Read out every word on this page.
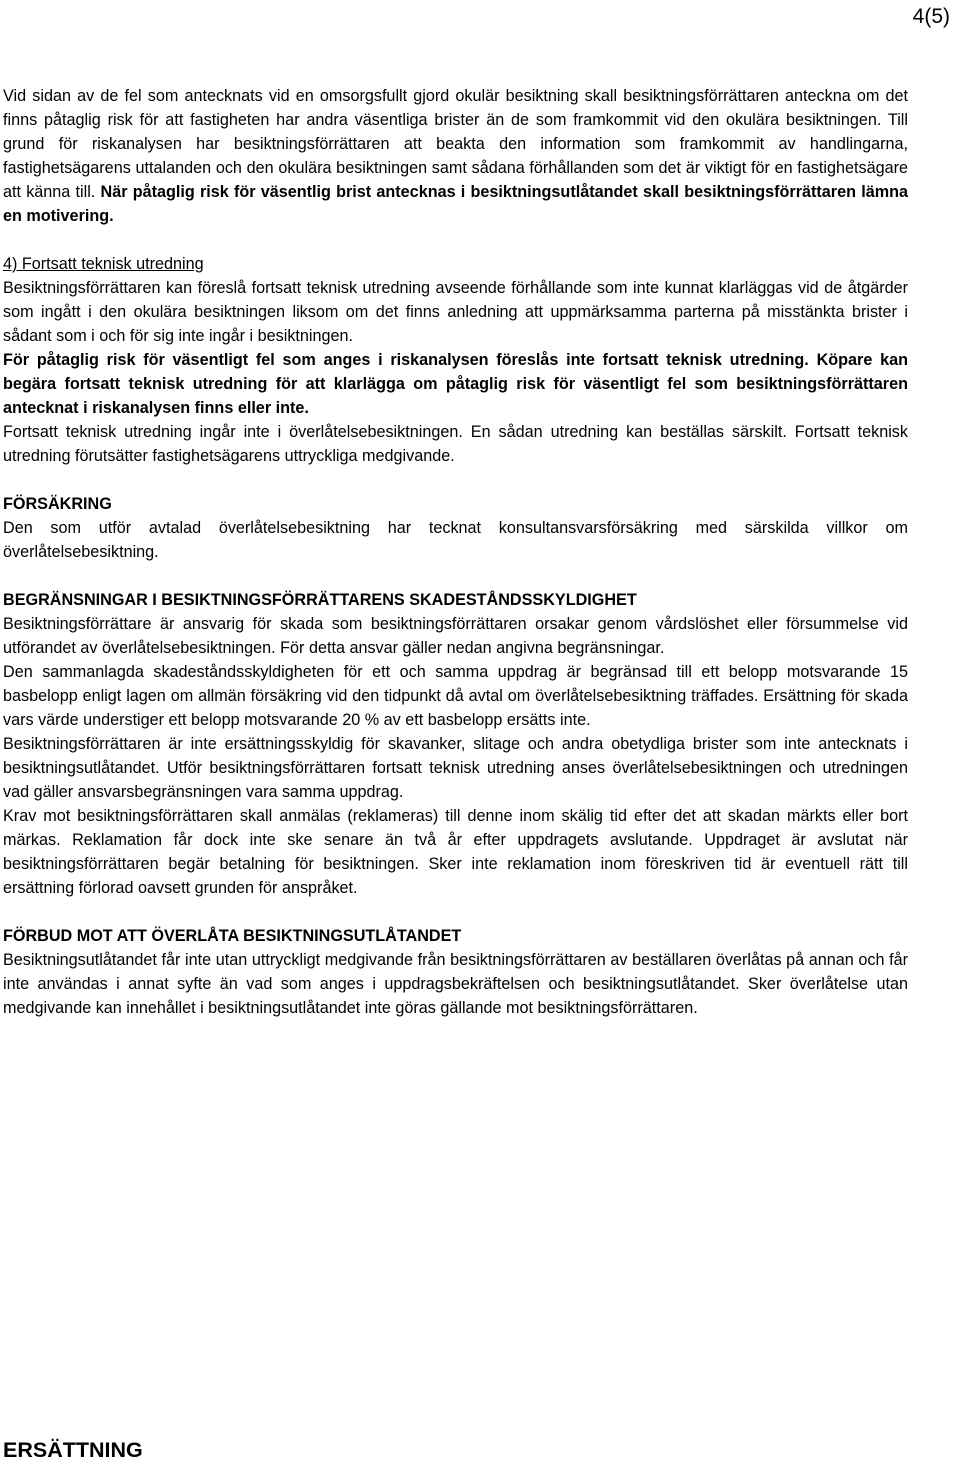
4(5)

Vid sidan av de fel som antecknats vid en omsorgsfullt gjord okulär besiktning skall besiktningsförrättaren anteckna om det finns påtaglig risk för att fastigheten har andra väsentliga brister än de som framkommit vid den okulära besiktningen. Till grund för riskanalysen har besiktningsförrättaren att beakta den information som framkommit av handlingarna, fastighetsägarens uttalanden och den okulära besiktningen samt sådana förhållanden som det är viktigt för en fastighetsägare att känna till. När påtaglig risk för väsentlig brist antecknas i besiktningsutlåtandet skall besiktningsförrättaren lämna en motivering.

4) Fortsatt teknisk utredning

Besiktningsförrättaren kan föreslå fortsatt teknisk utredning avseende förhållande som inte kunnat klarläggas vid de åtgärder som ingått i den okulära besiktningen liksom om det finns anledning att uppmärksamma parterna på misstänkta brister i sådant som i och för sig inte ingår i besiktningen.

För påtaglig risk för väsentligt fel som anges i riskanalysen föreslås inte fortsatt teknisk utredning. Köpare kan begära fortsatt teknisk utredning för att klarlägga om påtaglig risk för väsentligt fel som besiktningsförrättaren antecknat i riskanalysen finns eller inte.

Fortsatt teknisk utredning ingår inte i överlåtelsebesiktningen. En sådan utredning kan beställas särskilt. Fortsatt teknisk utredning förutsätter fastighetsägarens uttryckliga medgivande.

FÖRSÄKRING

Den som utför avtalad överlåtelsebesiktning har tecknat konsultansvarsförsäkring med särskilda villkor om överlåtelsebesiktning.

BEGRÄNSNINGAR I BESIKTNINGSFÖRRÄTTARENS SKADESTÅNDSSKYLDIGHET

Besiktningsförrättare är ansvarig för skada som besiktningsförrättaren orsakar genom vårdslöshet eller försummelse vid utförandet av överlåtelsebesiktningen. För detta ansvar gäller nedan angivna begränsningar.

Den sammanlagda skadeståndsskyldigheten för ett och samma uppdrag är begränsad till ett belopp motsvarande 15 basbelopp enligt lagen om allmän försäkring vid den tidpunkt då avtal om överlåtelsebesiktning träffades. Ersättning för skada vars värde understiger ett belopp motsvarande 20 % av ett basbelopp ersätts inte.

Besiktningsförrättaren är inte ersättningsskyldig för skavanker, slitage och andra obetydliga brister som inte antecknats i besiktningsutlåtandet. Utför besiktningsförrättaren fortsatt teknisk utredning anses överlåtelsebesiktningen och utredningen vad gäller ansvarsbegränsningen vara samma uppdrag.

Krav mot besiktningsförrättaren skall anmälas (reklameras) till denne inom skälig tid efter det att skadan märkts eller bort märkas. Reklamation får dock inte ske senare än två år efter uppdragets avslutande. Uppdraget är avslutat när besiktningsförrättaren begär betalning för besiktningen. Sker inte reklamation inom föreskriven tid är eventuell rätt till ersättning förlorad oavsett grunden för anspråket.

FÖRBUD MOT ATT ÖVERLÅTA BESIKTNINGSUTLÅTANDET

Besiktningsutlåtandet får inte utan uttryckligt medgivande från besiktningsförrättaren av beställaren överlåtas på annan och får inte användas i annat syfte än vad som anges i uppdragsbekräftelsen och besiktningsutlåtandet. Sker överlåtelse utan medgivande kan innehållet i besiktningsutlåtandet inte göras gällande mot besiktningsförrättaren.

ERSÄTTNING
